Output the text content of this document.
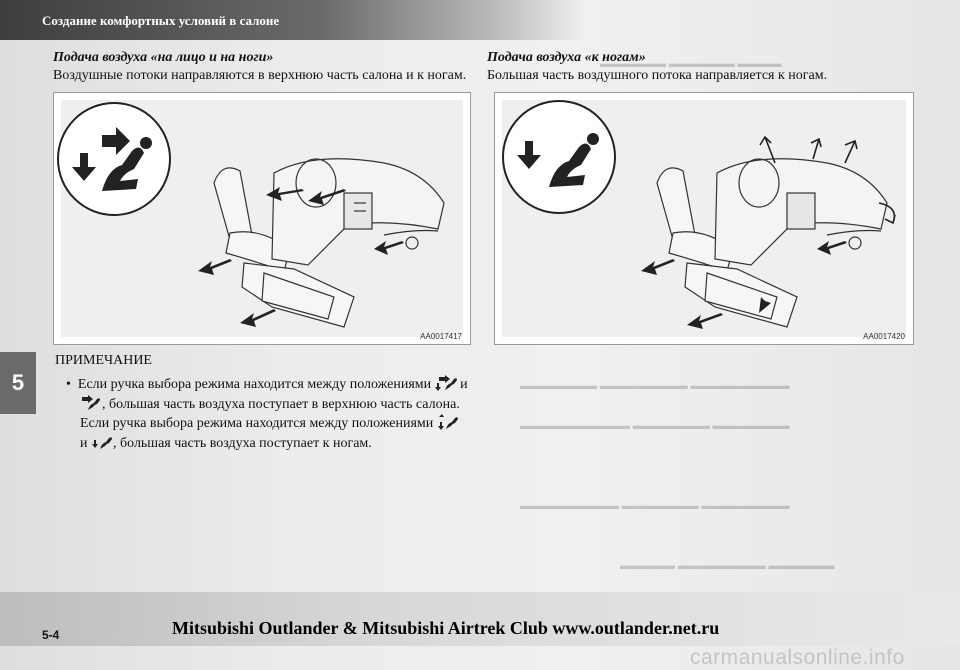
Создание комфортных условий в салоне
▬▬▬▬ ▬▬▬▬▬▬ ▬▬▬▬▬▬
▬▬▬▬▬▬▬▬▬ ▬▬▬▬▬▬▬▬ ▬▬▬▬▬▬▬
▬▬▬▬▬▬▬ ▬▬▬▬▬▬▬ ▬▬▬▬▬▬▬▬▬▬
▬▬▬▬▬▬▬▬ ▬▬▬▬▬▬▬ ▬▬▬▬▬▬▬▬▬
▬▬▬▬▬▬ ▬▬▬▬▬▬▬▬ ▬▬▬▬▬
Подача воздуха «на лицо и на ноги»
Воздушные потоки направляются в верхнюю часть салона и к ногам.
AA0017417
Подача воздуха «к ногам»
Большая часть воздушного потока направляется к ногам.
AA0017420
ПРИМЕЧАНИЕ
• Если ручка выбора режима находится между положениями и
, большая часть воздуха поступает в верхнюю часть салона.
Если ручка выбора режима находится между положениями
и , большая часть воздуха поступает к ногам.
5
Mitsubishi Outlander & Mitsubishi Airtrek Club www.outlander.net.ru
5-4
carmanualsonline.info
